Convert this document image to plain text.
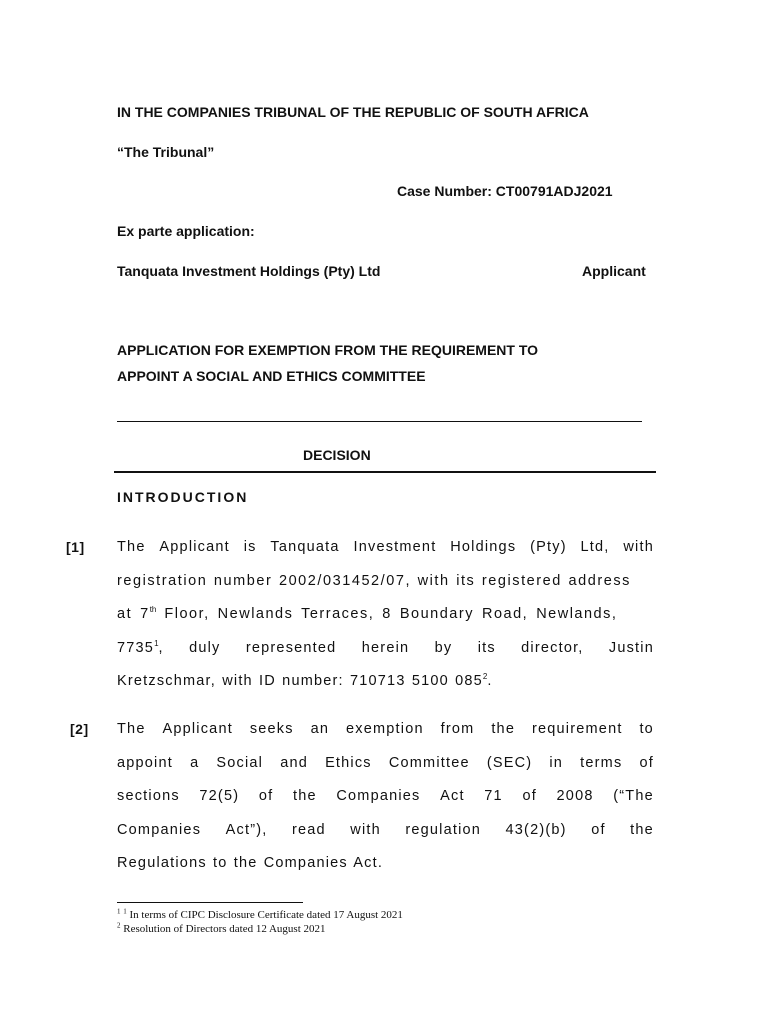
IN THE COMPANIES TRIBUNAL OF THE REPUBLIC OF SOUTH AFRICA
“The Tribunal”
Case Number: CT00791ADJ2021
Ex parte application:
Tanquata Investment Holdings (Pty) Ltd	Applicant
APPLICATION FOR EXEMPTION FROM THE REQUIREMENT TO
APPOINT A SOCIAL AND ETHICS COMMITTEE
DECISION
INTRODUCTION
[1] The Applicant is Tanquata Investment Holdings (Pty) Ltd, with
registration number 2002/031452/07, with its registered address
at 7th Floor, Newlands Terraces, 8 Boundary Road, Newlands,
7735$^1$, duly represented herein by its director, Justin
Kretzschmar, with ID number: 710713 5100 $085^2$.
[2] The Applicant seeks an exemption from the requirement to
appoint a Social and Ethics Committee (SEC) in terms of
sections 72(5) of the Companies Act 71 of 2008 (“The
Companies Act”), read with regulation 43(2)(b) of the
Regulations to the Companies Act.
$^1$ $^1$ In terms of CIPC Disclosure Certificate dated 17 August 2021
$^2$ Resolution of Directors dated 12 August 2021
